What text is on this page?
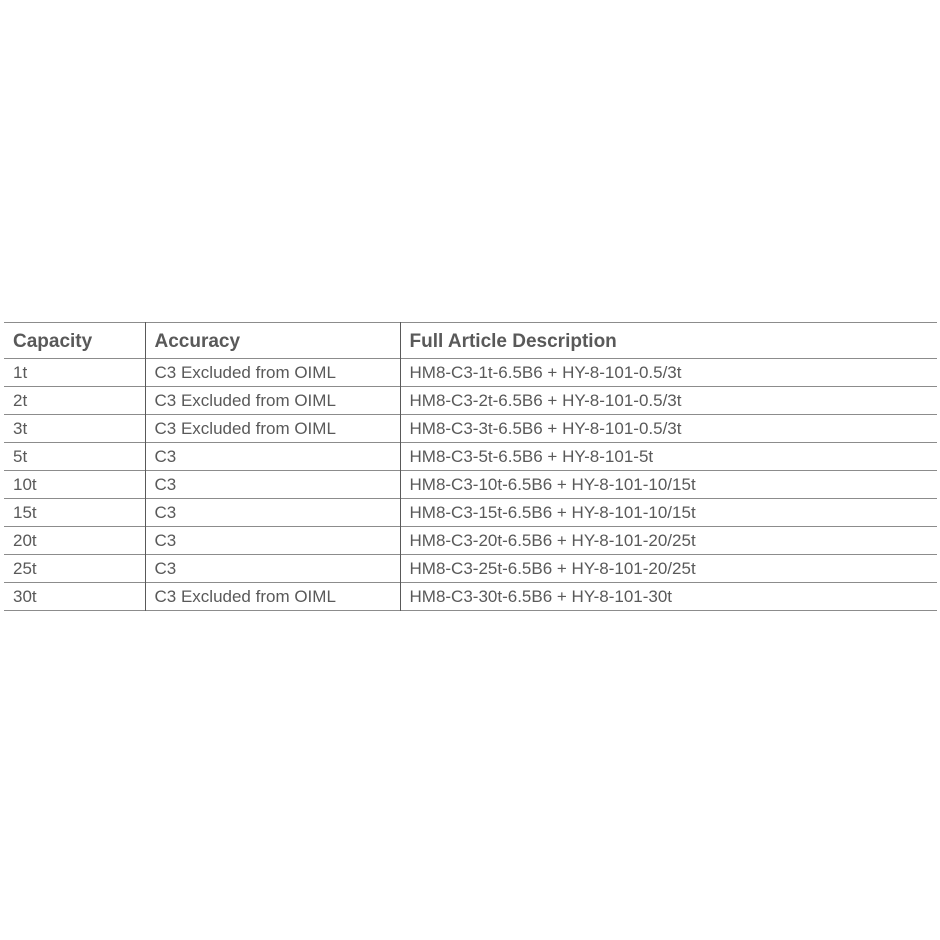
Capacity	Accuracy	Full Article Description
1t	C3 Excluded from OIML	HM8-C3-1t-6.5B6 + HY-8-101-0.5/3t
2t	C3 Excluded from OIML	HM8-C3-2t-6.5B6 + HY-8-101-0.5/3t
3t	C3 Excluded from OIML	HM8-C3-3t-6.5B6 + HY-8-101-0.5/3t
5t	C3	HM8-C3-5t-6.5B6 + HY-8-101-5t
10t	C3	HM8-C3-10t-6.5B6 + HY-8-101-10/15t
15t	C3	HM8-C3-15t-6.5B6 + HY-8-101-10/15t
20t	C3	HM8-C3-20t-6.5B6 + HY-8-101-20/25t
25t	C3	HM8-C3-25t-6.5B6 + HY-8-101-20/25t
30t	C3 Excluded from OIML	HM8-C3-30t-6.5B6 + HY-8-101-30t
